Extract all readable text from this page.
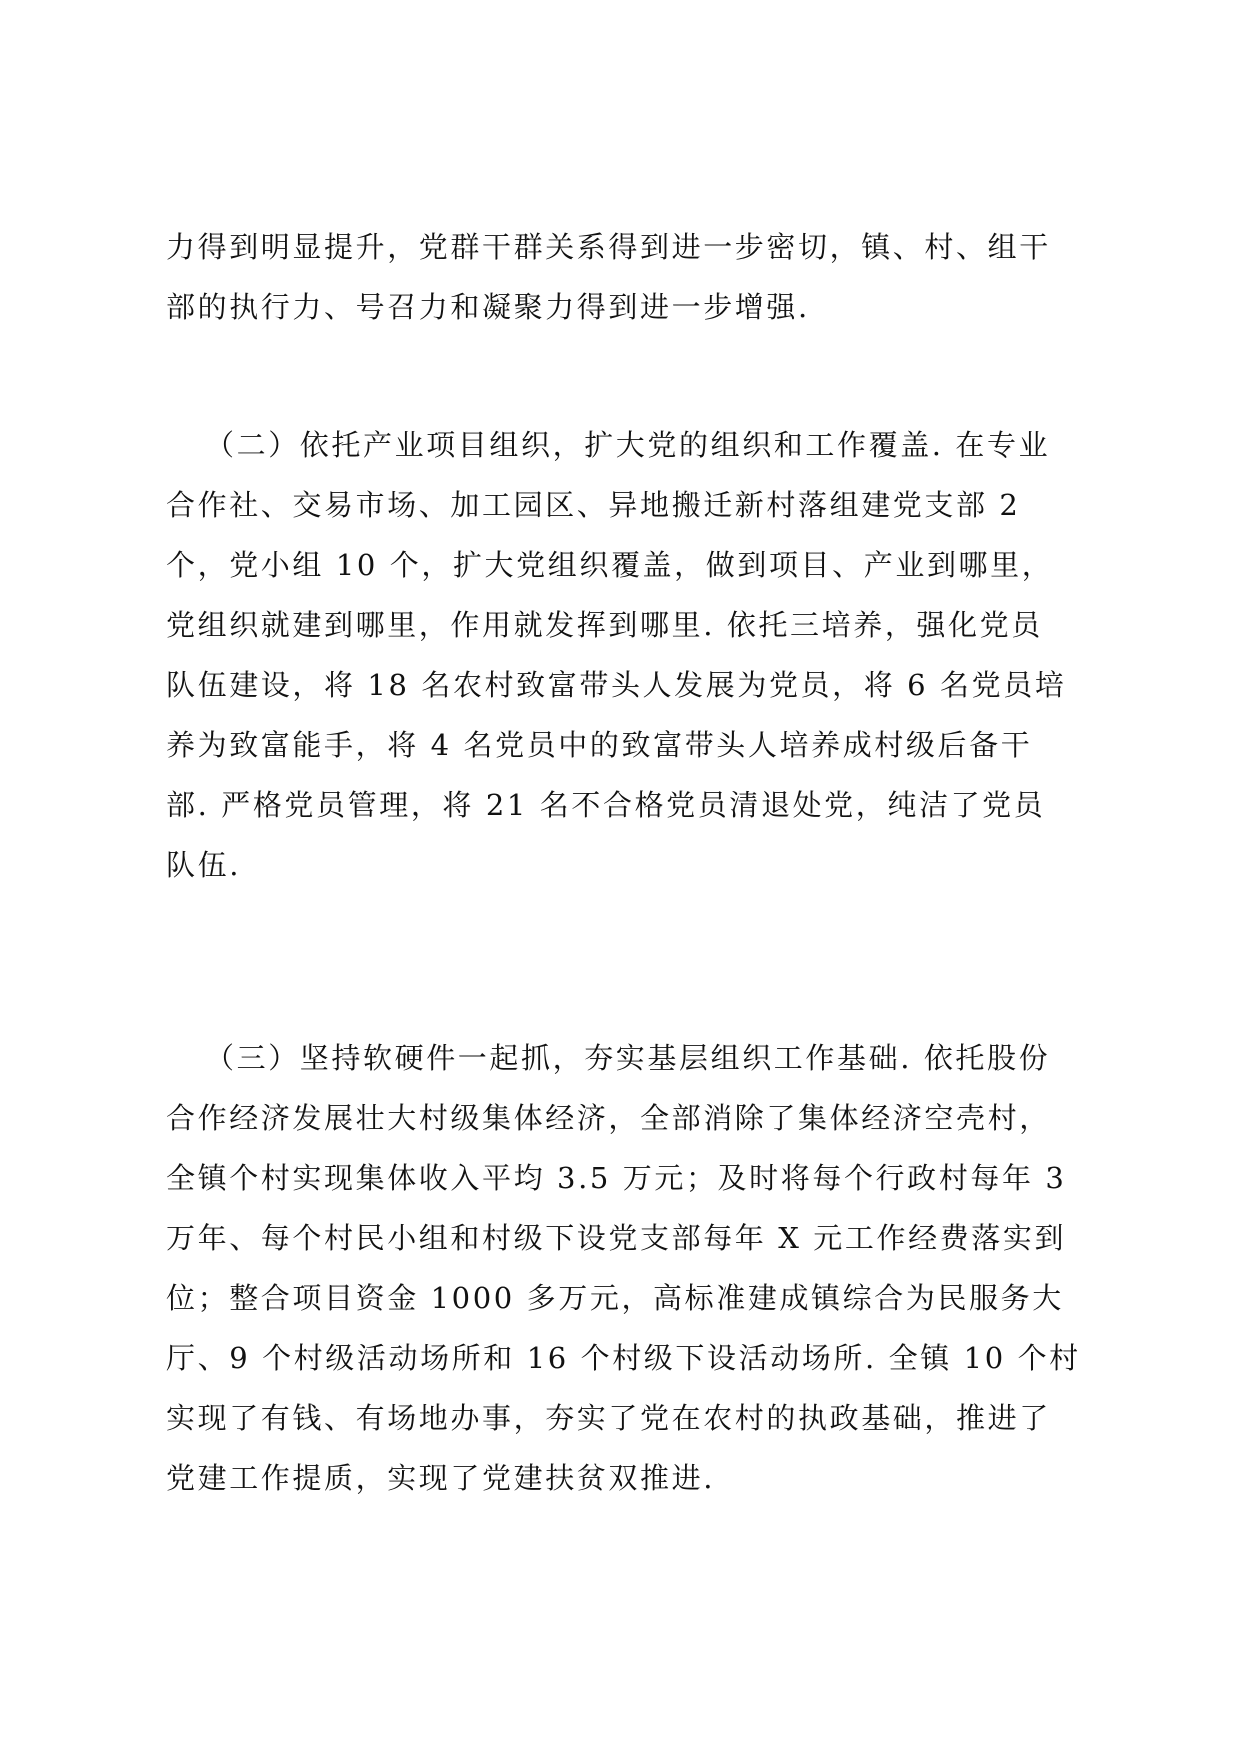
力得到明显提升，党群干群关系得到进一步密切，镇、村、组干
部的执行力、号召力和凝聚力得到进一步增强.
（二）依托产业项目组织，扩大党的组织和工作覆盖. 在专业
合作社、交易市场、加工园区、异地搬迁新村落组建党支部 2
个，党小组 10 个，扩大党组织覆盖，做到项目、产业到哪里，
党组织就建到哪里，作用就发挥到哪里. 依托三培养，强化党员
队伍建设，将 18 名农村致富带头人发展为党员，将 6 名党员培
养为致富能手，将 4 名党员中的致富带头人培养成村级后备干
部. 严格党员管理，将 21 名不合格党员清退处党，纯洁了党员
队伍.
（三）坚持软硬件一起抓，夯实基层组织工作基础. 依托股份
合作经济发展壮大村级集体经济，全部消除了集体经济空壳村，
全镇个村实现集体收入平均 3.5 万元；及时将每个行政村每年 3
万年、每个村民小组和村级下设党支部每年 X 元工作经费落实到
位；整合项目资金 1000 多万元，高标准建成镇综合为民服务大
厅、9 个村级活动场所和 16 个村级下设活动场所. 全镇 10 个村
实现了有钱、有场地办事，夯实了党在农村的执政基础，推进了
党建工作提质，实现了党建扶贫双推进.
